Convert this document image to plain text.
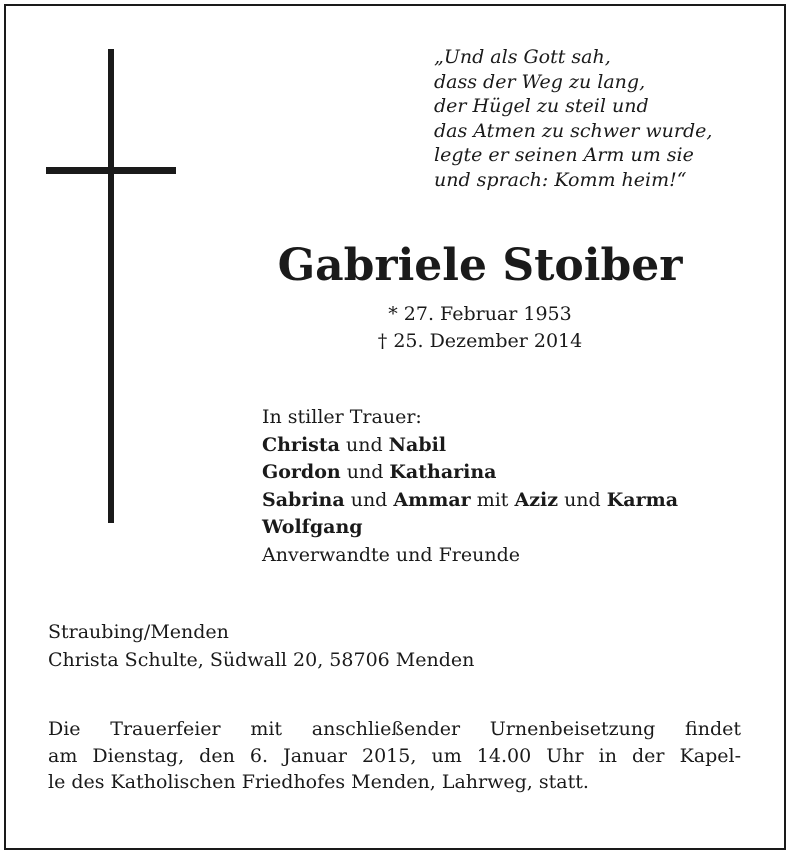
„Und als Gott sah,
dass der Weg zu lang,
der Hügel zu steil und
das Atmen zu schwer wurde,
legte er seinen Arm um sie
und sprach: Komm heim!“
Gabriele Stoiber
* 27. Februar 1953
† 25. Dezember 2014
In stiller Trauer:
Christa und Nabil
Gordon und Katharina
Sabrina und Ammar mit Aziz und Karma
Wolfgang
Anverwandte und Freunde
Straubing/Menden
Christa Schulte, Südwall 20, 58706 Menden
Die Trauerfeier mit anschließender Urnenbeisetzung findet
am Dienstag, den 6. Januar 2015, um 14.00 Uhr in der Kapel-
le des Katholischen Friedhofes Menden, Lahrweg, statt.
